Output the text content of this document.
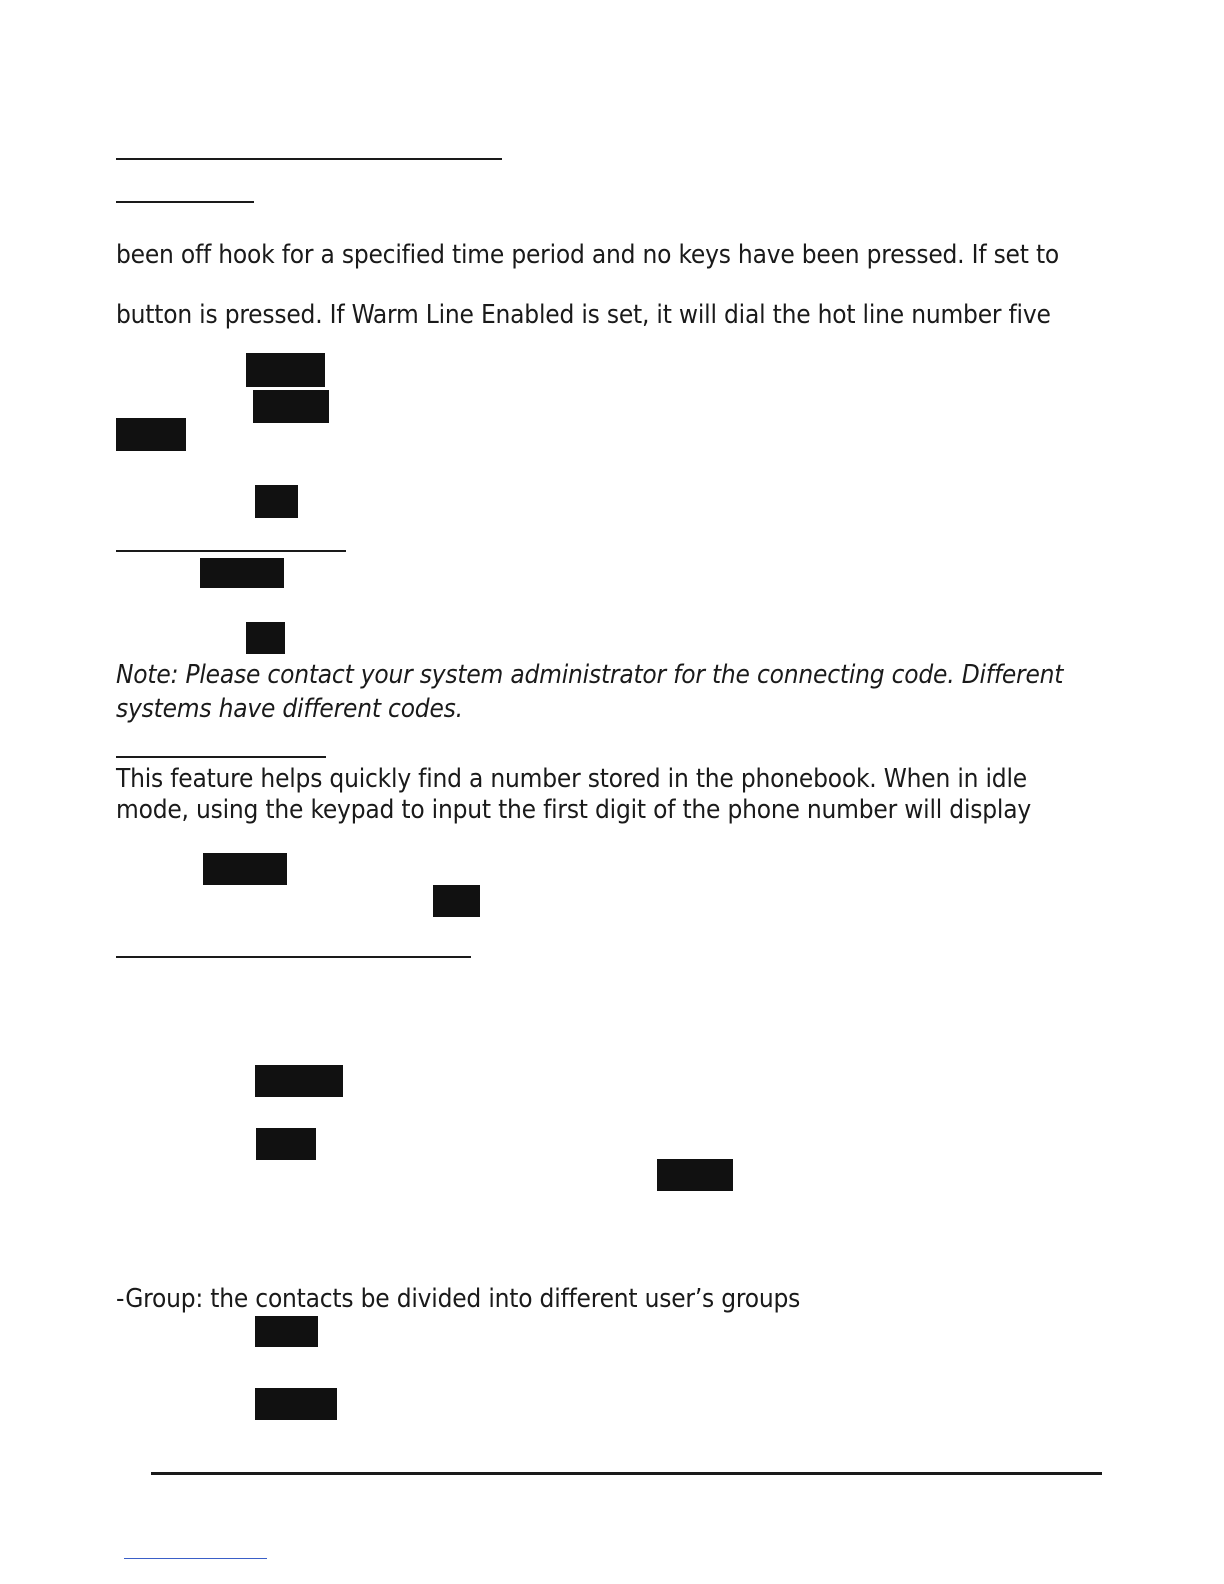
been off hook for a specified time period and no keys have been pressed. If set to
button is pressed. If Warm Line Enabled is set, it will dial the hot line number five
Note: Please contact your system administrator for the connecting code. Different
systems have different codes.
This feature helps quickly find a number stored in the phonebook. When in idle
mode, using the keypad to input the first digit of the phone number will display
-Group: the contacts be divided into different user’s groups
